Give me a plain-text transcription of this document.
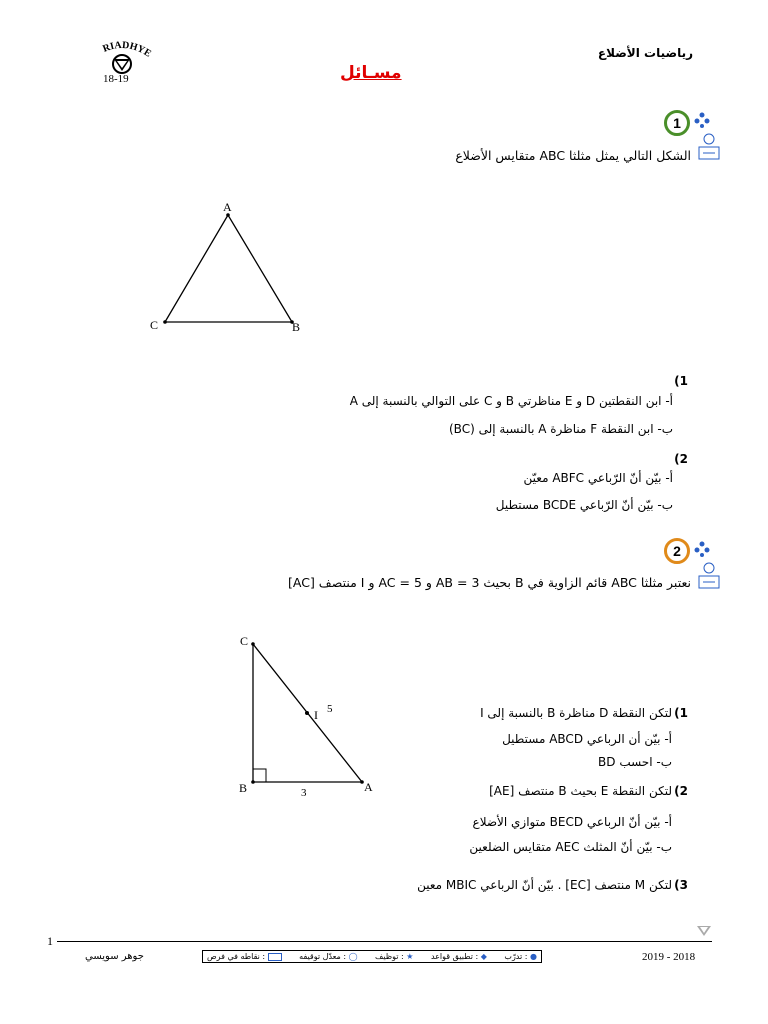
RIADHYE
18-19
رياضيات الأضلاع
مسـائل
1
الشكل التالي يمثل مثلثا ABC متقايس الأضلاع
A
C	B
(1
أ- ابن النقطتين D و E مناظرتي B و C على التوالي بالنسبة إلى A
ب- ابن النقطة F مناظرة A بالنسبة إلى (BC)
(2
أ- بيّن أنّ الرّباعي ABFC معيّن
ب- بيّن أنّ الرّباعي BCDE مستطيل
2
نعتبر مثلثا ABC قائم الزاوية في B بحيث 3 = AB و 5 = AC و I منتصف [AC]
C
B	A
I 5
3
(1
لتكن النقطة D مناظرة B بالنسبة إلى I
أ- بيّن أن الرباعي ABCD مستطيل
ب- احسب BD
(2
لتكن النقطة E بحيث B منتصف [AE]
أ- بيّن أنّ الرباعي BECD متوازي الأضلاع
ب- بيّن أنّ المثلث AEC متقايس الضلعين
(3
لتكن M منتصف [EC] . بيّن أنّ الرباعي MBIC معين
1
جوهر سويسي	● : تدرّب
◆ : تطبيق قواعد
★ : توظيف
◯ : معدّل توقيفه
: نقاطه في فرص	2019 - 2018
